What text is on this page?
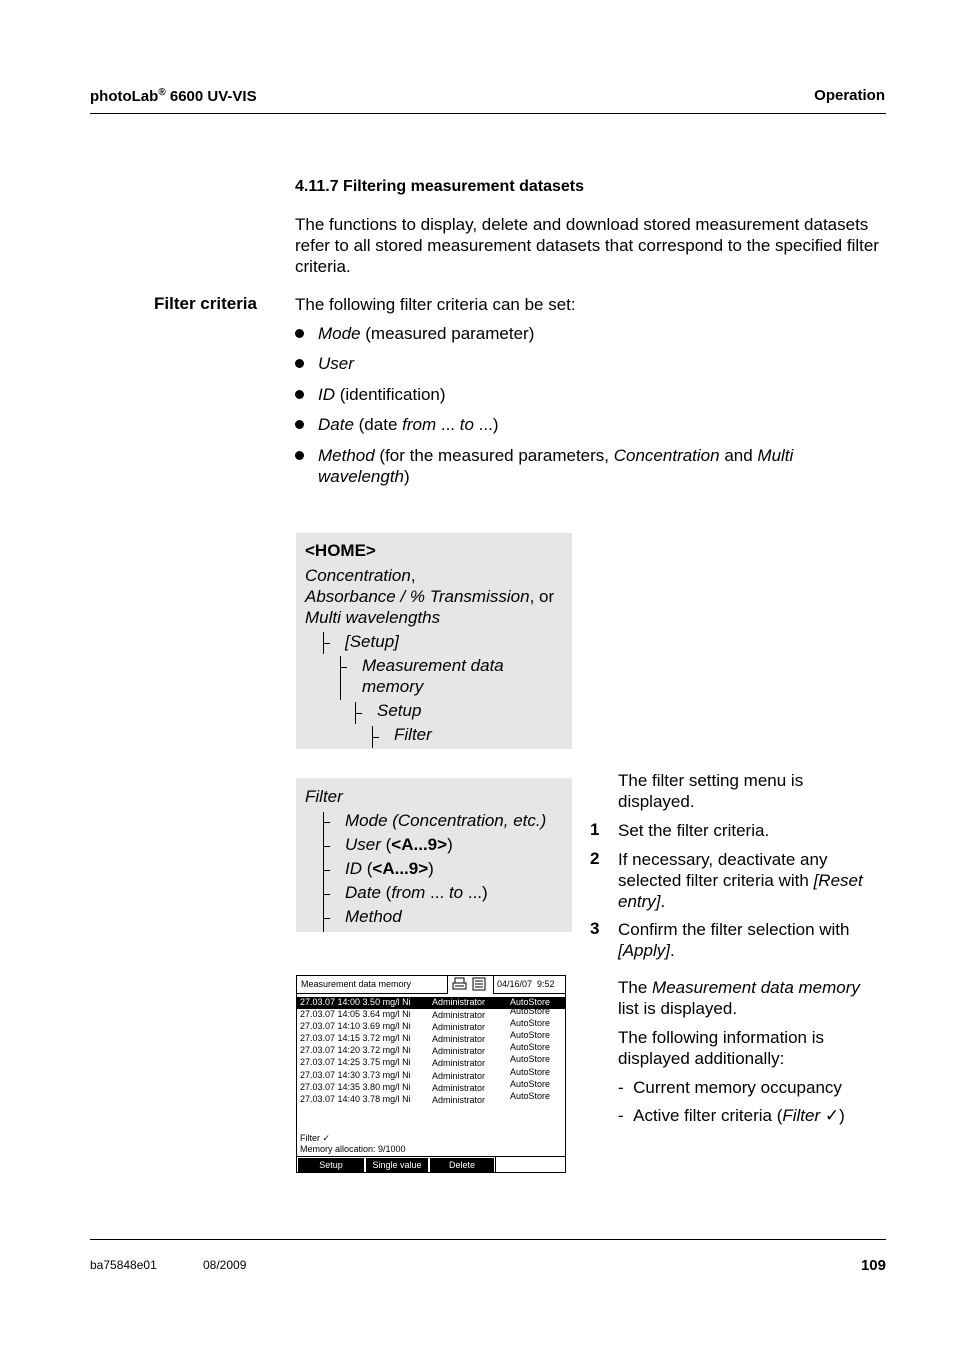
photoLab® 6600 UV-VIS	Operation
4.11.7 Filtering measurement datasets
The functions to display, delete and download stored measurement datasets refer to all stored measurement datasets that correspond to the specified filter criteria.
Filter criteria The following filter criteria can be set:
Mode (measured parameter)
User
ID (identification)
Date (date from ... to ...)
Method (for the measured parameters, Concentration and Multi
wavelength)
<HOME>
Concentration,
Absorbance / % Transmission, or
Multi wavelengths
[Setup]
Measurement data
memory
Setup
Filter
Filter
Mode (Concentration, etc.)
User (<A...9>)
ID (<A...9>)
Date (from ... to ...)
Method
The filter setting menu is displayed.
1 Set the filter criteria.
2 If necessary, deactivate any selected filter criteria with [Reset entry].
3 Confirm the filter selection with [Apply].
The Measurement data memory list is displayed.
The following information is displayed additionally:
-  Current memory occupancy
-  Active filter criteria (Filter ✓)
Measurement data memory	04/16/07  9:52
27.03.07 14:00 3.50 mg/l Ni Administrator	AutoStore
27.03.07 14:05 3.64 mg/l Ni Administrator	AutoStore
27.03.07 14:10 3.69 mg/l Ni Administrator	AutoStore
27.03.07 14:15 3.72 mg/l Ni Administrator	AutoStore
27.03.07 14:20 3.72 mg/l Ni Administrator	AutoStore
27.03.07 14:25 3.75 mg/l Ni Administrator	AutoStore
27.03.07 14:30 3.73 mg/l Ni Administrator	AutoStore
27.03.07 14:35 3.80 mg/l Ni Administrator	AutoStore
27.03.07 14:40 3.78 mg/l Ni Administrator	AutoStore
Filter ✓
Memory allocation: 9/1000
Setup	Single value	Delete
ba75848e01	08/2009	109
